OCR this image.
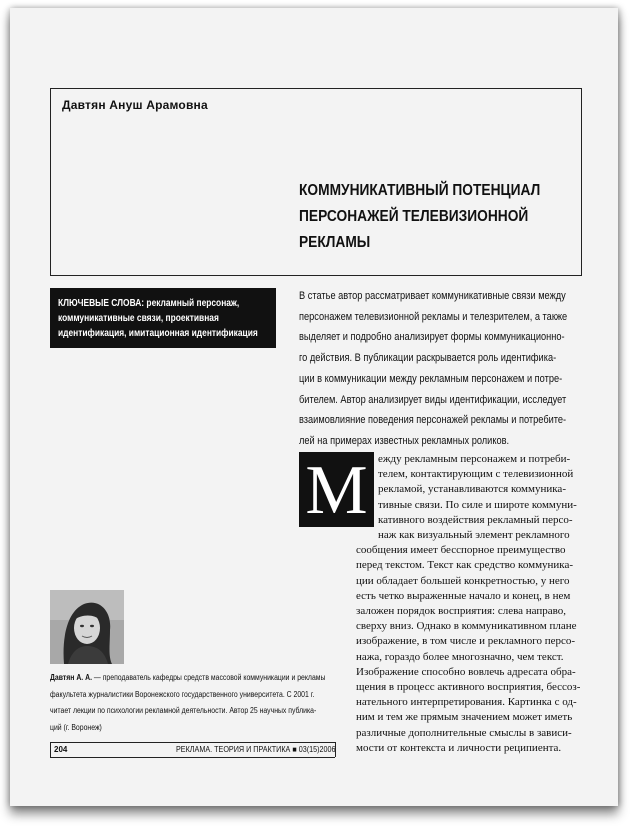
Давтян Ануш Арамовна
КОММУНИКАТИВНЫЙ ПОТЕНЦИАЛ
ПЕРСОНАЖЕЙ ТЕЛЕВИЗИОННОЙ
РЕКЛАМЫ
КЛЮЧЕВЫЕ СЛОВА: рекламный персонаж,
коммуникативные связи, проективная
идентификация, имитационная идентификация
В статье автор рассматривает коммуникативные связи между
персонажем телевизионной рекламы и телезрителем, а также
выделяет и подробно анализирует формы коммуникационно-
го действия. В публикации раскрывается роль идентифика-
ции в коммуникации между рекламным персонажем и потре-
бителем. Автор анализирует виды идентификации, исследует
взаимовлияние поведения персонажей рекламы и потребите-
лей на примерах известных рекламных роликов.
М ежду рекламным персонажем и потреби-
телем, контактирующим с телевизионной
рекламой, устанавливаются коммуника-
тивные связи. По силе и широте коммуни-
кативного воздействия рекламный персо-
наж как визуальный элемент рекламного
сообщения имеет бесспорное преимущество
перед текстом. Текст как средство коммуника-
ции обладает большей конкретностью, у него
есть четко выраженные начало и конец, в нем
заложен порядок восприятия: слева направо,
сверху вниз. Однако в коммуникативном плане
изображение, в том числе и рекламного персо-
нажа, гораздо более многозначно, чем текст.
Изображение способно вовлечь адресата обра-
щения в процесс активного восприятия, бессоз-
нательного интерпретирования. Картинка с од-
ним и тем же прямым значением может иметь
различные дополнительные смыслы в зависи-
мости от контекста и личности реципиента.
Давтян А. А. — преподаватель кафедры средств массовой коммуникации и рекламы
факультета журналистики Воронежского государственного университета. С 2001 г.
читает лекции по психологии рекламной деятельности. Автор 25 научных публика-
ций (г. Воронеж)
204	РЕКЛАМА. ТЕОРИЯ И ПРАКТИКА ■ 03(15)2006
